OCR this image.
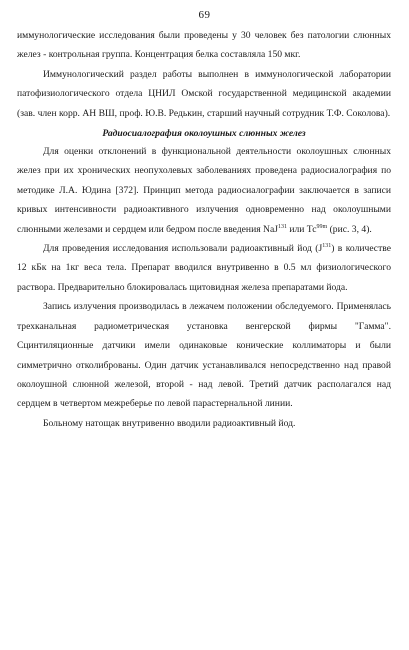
69

иммунологические исследования были проведены у 30 человек без патологии слюнных желез - контрольная группа. Концентрация белка составляла 150 мкг.

Иммунологический раздел работы выполнен в иммунологической лаборатории патофизиологического отдела ЦНИЛ Омской государственной медицинской академии (зав. член корр. АН ВШ, проф. Ю.В. Редькин, старший научный сотрудник Т.Ф. Соколова).

Радиосиалография околоушных слюнных желез

Для оценки отклонений в функциональной деятельности околоушных слюнных желез при их хронических неопухолевых заболеваниях проведена радиосиалография по методике Л.А. Юдина [372]. Принцип метода радиосиалографии заключается в записи кривых интенсивности радиоактивного излучения одновременно над околоушными слюнными железами и сердцем или бедром после введения NaJ$^{131}$ или $Тс^{99m}$ (рис. 3, 4).

Для проведения исследования использовали радиоактивный йод $(J^{131})$ в количестве 12 кБк на 1кг веса тела. Препарат вводился внутривенно в 0.5 мл физиологического раствора. Предварительно блокировалась щитовидная железа препаратами йода.

Запись излучения производилась в лежачем положении обследуемого. Применялась трехканальная радиометрическая установка венгерской фирмы "Гамма". Сцинтиляционные датчики имели одинаковые конические коллиматоры и были симметрично отколиброваны. Один датчик устанавливался непосредственно над правой околоушной слюнной железой, второй - над левой. Третий датчик располагался над сердцем в четвертом межреберье по левой парастернальной линии.

Больному натощак внутривенно вводили радиоактивный йод.
